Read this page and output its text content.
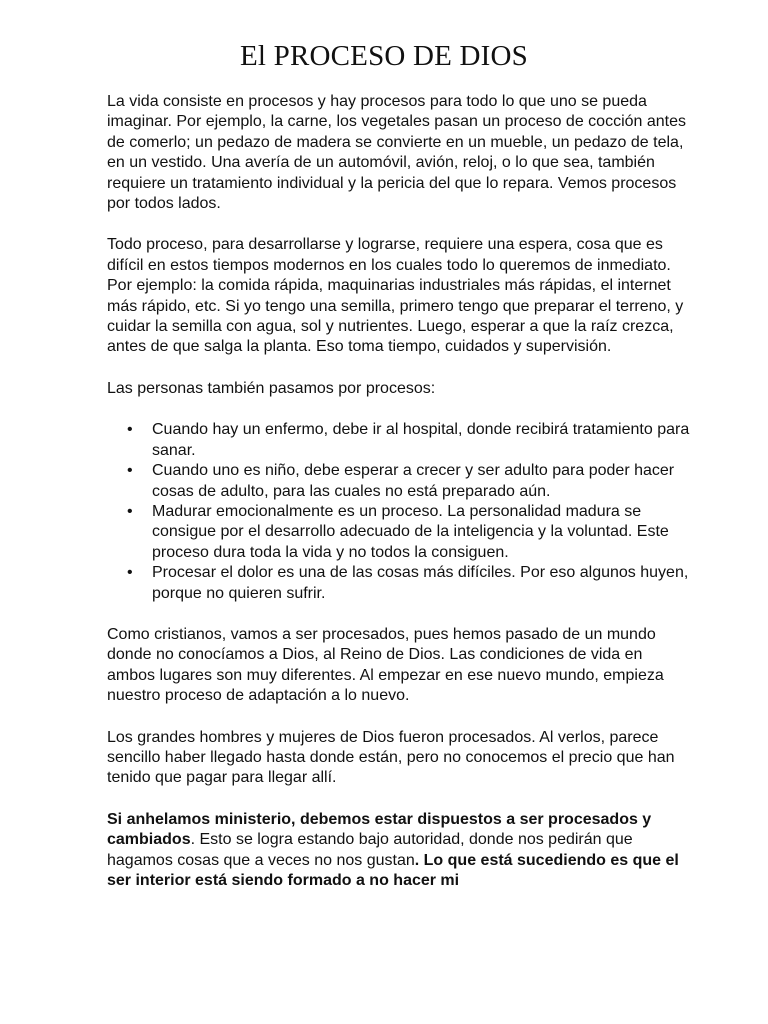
El PROCESO DE DIOS

La vida consiste en procesos y hay procesos para todo lo que uno se pueda imaginar. Por ejemplo, la carne, los vegetales pasan un proceso de cocción antes de comerlo; un pedazo de madera se convierte en un mueble, un pedazo de tela, en un vestido. Una avería de un automóvil, avión, reloj, o lo que sea, también requiere un tratamiento individual y la pericia del que lo repara. Vemos procesos por todos lados.

Todo proceso, para desarrollarse y lograrse, requiere una espera, cosa que es difícil en estos tiempos modernos en los cuales todo lo queremos de inmediato. Por ejemplo: la comida rápida, maquinarias industriales más rápidas, el internet más rápido, etc. Si yo tengo una semilla, primero tengo que preparar el terreno, y cuidar la semilla con agua, sol y nutrientes. Luego, esperar a que la raíz crezca, antes de que salga la planta. Eso toma tiempo, cuidados y supervisión.

Las personas también pasamos por procesos:

• Cuando hay un enfermo, debe ir al hospital, donde recibirá tratamiento para sanar.
• Cuando uno es niño, debe esperar a crecer y ser adulto para poder hacer cosas de adulto, para las cuales no está preparado aún.
• Madurar emocionalmente es un proceso. La personalidad madura se consigue por el desarrollo adecuado de la inteligencia y la voluntad. Este proceso dura toda la vida y no todos la consiguen.
• Procesar el dolor es una de las cosas más difíciles. Por eso algunos huyen, porque no quieren sufrir.

Como cristianos, vamos a ser procesados, pues hemos pasado de un mundo donde no conocíamos a Dios, al Reino de Dios. Las condiciones de vida en ambos lugares son muy diferentes. Al empezar en ese nuevo mundo, empieza nuestro proceso de adaptación a lo nuevo.

Los grandes hombres y mujeres de Dios fueron procesados. Al verlos, parece sencillo haber llegado hasta donde están, pero no conocemos el precio que han tenido que pagar para llegar allí.

Si anhelamos ministerio, debemos estar dispuestos a ser procesados y cambiados. Esto se logra estando bajo autoridad, donde nos pedirán que hagamos cosas que a veces no nos gustan. Lo que está sucediendo es que el ser interior está siendo formado a no hacer mi
